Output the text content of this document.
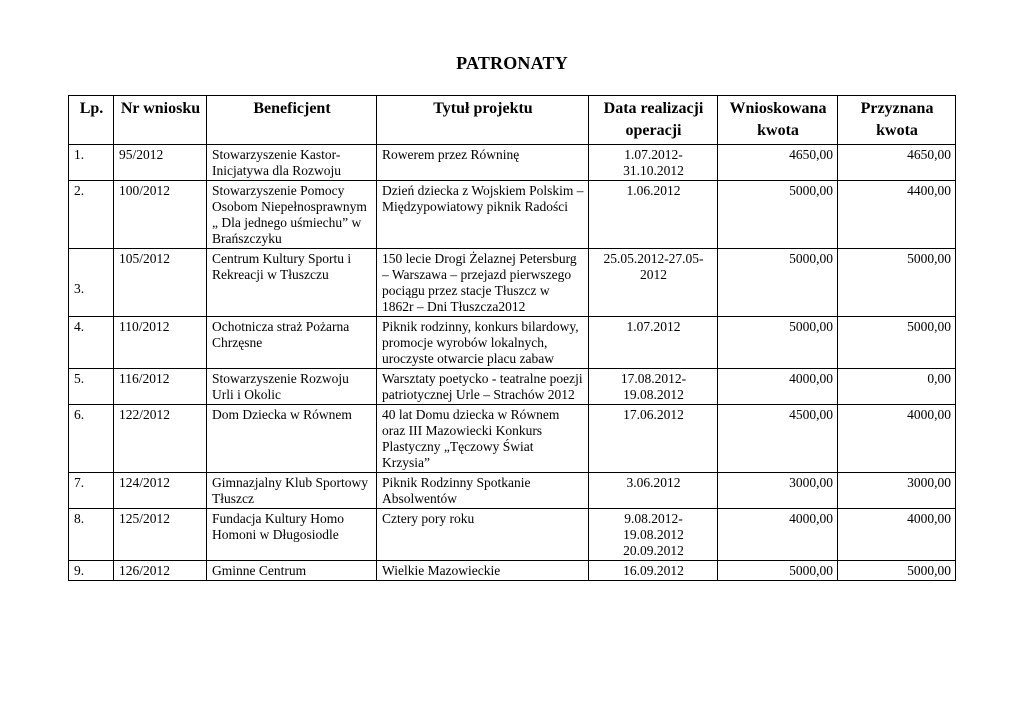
PATRONATY
Lp.	Nr wniosku	Beneficjent	Tytuł projektu	Data realizacji operacji	Wnioskowana kwota	Przyznana kwota
1.	95/2012	Stowarzyszenie Kastor- Inicjatywa dla Rozwoju	Rowerem przez Równinę	1.07.2012- 31.10.2012	4650,00	4650,00
2.	100/2012	Stowarzyszenie Pomocy Osobom Niepełnosprawnym „ Dla jednego uśmiechu” w Brańszczyku	Dzień dziecka z Wojskiem Polskim – Międzypowiatowy piknik Radości	1.06.2012	5000,00	4400,00
3.	105/2012	Centrum Kultury Sportu i Rekreacji w Tłuszczu	150 lecie Drogi Żelaznej Petersburg – Warszawa – przejazd pierwszego pociągu przez stacje Tłuszcz w 1862r – Dni Tłuszcza2012	25.05.2012-27.05-2012	5000,00	5000,00
4.	110/2012	Ochotnicza straż Pożarna Chrzęsne	Piknik rodzinny, konkurs bilardowy, promocje wyrobów lokalnych, uroczyste otwarcie placu zabaw	1.07.2012	5000,00	5000,00
5.	116/2012	Stowarzyszenie Rozwoju Urli i Okolic	Warsztaty poetycko - teatralne poezji patriotycznej Urle – Strachów 2012	17.08.2012- 19.08.2012	4000,00	0,00
6.	122/2012	Dom Dziecka w Równem	40 lat Domu dziecka w Równem oraz III Mazowiecki Konkurs Plastyczny „Tęczowy Świat Krzysia”	17.06.2012	4500,00	4000,00
7.	124/2012	Gimnazjalny Klub Sportowy Tłuszcz	Piknik Rodzinny Spotkanie Absolwentów	3.06.2012	3000,00	3000,00
8.	125/2012	Fundacja Kultury Homo Homoni w Długosiodle	Cztery pory roku	9.08.2012- 19.08.2012 20.09.2012	4000,00	4000,00
9.	126/2012	Gminne Centrum	Wielkie Mazowieckie	16.09.2012	5000,00	5000,00
